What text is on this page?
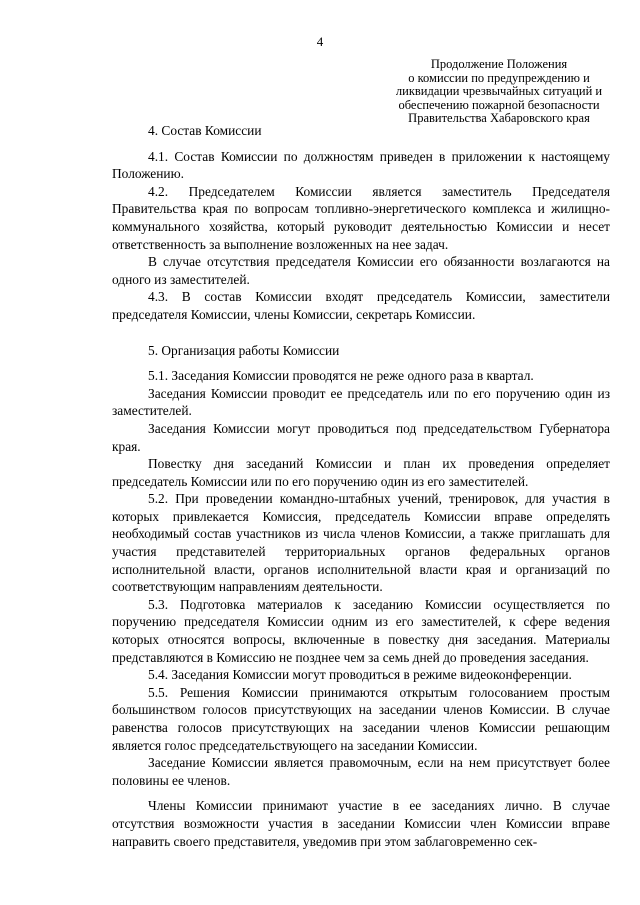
4
Продолжение Положения
о комиссии по предупреждению и
ликвидации чрезвычайных ситуаций и
обеспечению пожарной безопасности
Правительства Хабаровского края
4. Состав Комиссии

4.1. Состав Комиссии по должностям приведен в приложении к настоящему Положению.

4.2. Председателем Комиссии является заместитель Председателя Правительства края по вопросам топливно-энергетического комплекса и жилищно-коммунального хозяйства, который руководит деятельностью Комиссии и несет ответственность за выполнение возложенных на нее задач.

В случае отсутствия председателя Комиссии его обязанности возлагаются на одного из заместителей.

4.3. В состав Комиссии входят председатель Комиссии, заместители председателя Комиссии, члены Комиссии, секретарь Комиссии.

5. Организация работы Комиссии

5.1. Заседания Комиссии проводятся не реже одного раза в квартал.

Заседания Комиссии проводит ее председатель или по его поручению один из заместителей.

Заседания Комиссии могут проводиться под председательством Губернатора края.

Повестку дня заседаний Комиссии и план их проведения определяет председатель Комиссии или по его поручению один из его заместителей.

5.2. При проведении командно-штабных учений, тренировок, для участия в которых привлекается Комиссия, председатель Комиссии вправе определять необходимый состав участников из числа членов Комиссии, а также приглашать для участия представителей территориальных органов федеральных органов исполнительной власти, органов исполнительной власти края и организаций по соответствующим направлениям деятельности.

5.3. Подготовка материалов к заседанию Комиссии осуществляется по поручению председателя Комиссии одним из его заместителей, к сфере ведения которых относятся вопросы, включенные в повестку дня заседания. Материалы представляются в Комиссию не позднее чем за семь дней до проведения заседания.

5.4. Заседания Комиссии могут проводиться в режиме видеоконференции.

5.5. Решения Комиссии принимаются открытым голосованием простым большинством голосов присутствующих на заседании членов Комиссии. В случае равенства голосов присутствующих на заседании членов Комиссии решающим является голос председательствующего на заседании Комиссии.

Заседание Комиссии является правомочным, если на нем присутствует более половины ее членов.

Члены Комиссии принимают участие в ее заседаниях лично. В случае отсутствия возможности участия в заседании Комиссии член Комиссии вправе направить своего представителя, уведомив при этом заблаговременно сек-
